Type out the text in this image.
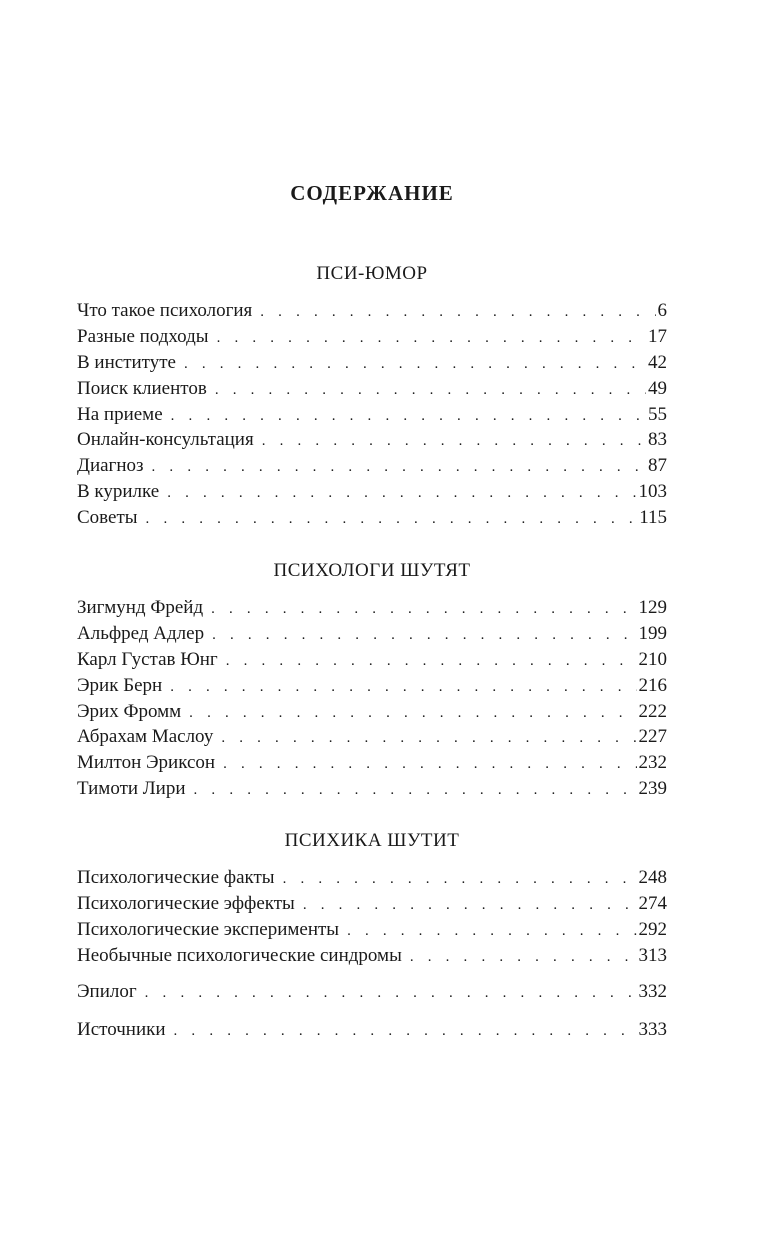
СОДЕРЖАНИЕ
ПСИ-ЮМОР
Что такое психология . . .	6
Разные подходы . . .	17
В институте . . .	42
Поиск клиентов . . .	49
На приеме . . .	55
Онлайн-консультация . . .	83
Диагноз . . .	87
В курилке . . .	103
Советы . . .	115
ПСИХОЛОГИ ШУТЯТ
Зигмунд Фрейд . . .	129
Альфред Адлер . . .	199
Карл Густав Юнг . . .	210
Эрик Берн . . .	216
Эрих Фромм . . .	222
Абрахам Маслоу . . .	227
Милтон Эриксон . . .	232
Тимоти Лири . . .	239
ПСИХИКА ШУТИТ
Психологические факты . . .	248
Психологические эффекты . . .	274
Психологические эксперименты . . .	292
Необычные психологические синдромы . . .	313
Эпилог . . .	332
Источники . . .	333
